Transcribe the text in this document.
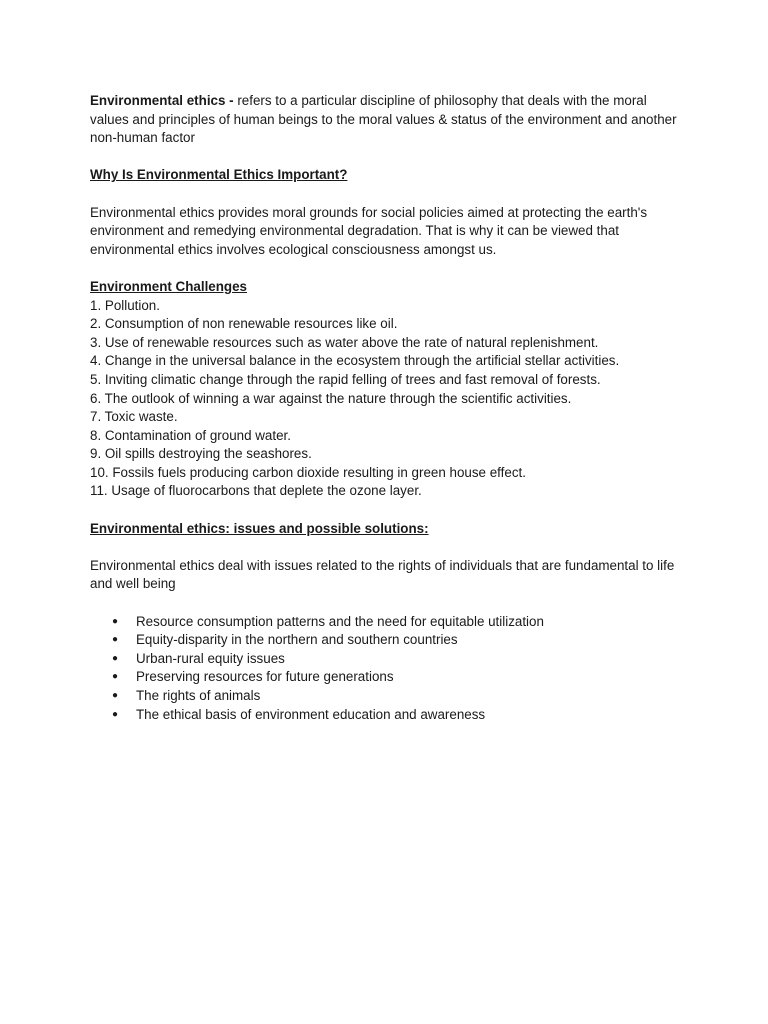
Environmental ethics - refers to a particular discipline of philosophy that deals with the moral values and principles of human beings to the moral values & status of the environment and another non-human factor

Why Is Environmental Ethics Important?

Environmental ethics provides moral grounds for social policies aimed at protecting the earth's environment and remedying environmental degradation. That is why it can be viewed that environmental ethics involves ecological consciousness amongst us.

Environment Challenges

1. Pollution.
2. Consumption of non renewable resources like oil.
3. Use of renewable resources such as water above the rate of natural replenishment.
4. Change in the universal balance in the ecosystem through the artificial stellar activities.
5. Inviting climatic change through the rapid felling of trees and fast removal of forests.
6. The outlook of winning a war against the nature through the scientific activities.
7. Toxic waste.
8. Contamination of ground water.
9. Oil spills destroying the seashores.
10. Fossils fuels producing carbon dioxide resulting in green house effect.
11. Usage of fluorocarbons that deplete the ozone layer.

Environmental ethics: issues and possible solutions:

Environmental ethics deal with issues related to the rights of individuals that are fundamental to life and well being

● Resource consumption patterns and the need for equitable utilization
● Equity-disparity in the northern and southern countries
● Urban-rural equity issues
● Preserving resources for future generations
● The rights of animals
● The ethical basis of environment education and awareness
